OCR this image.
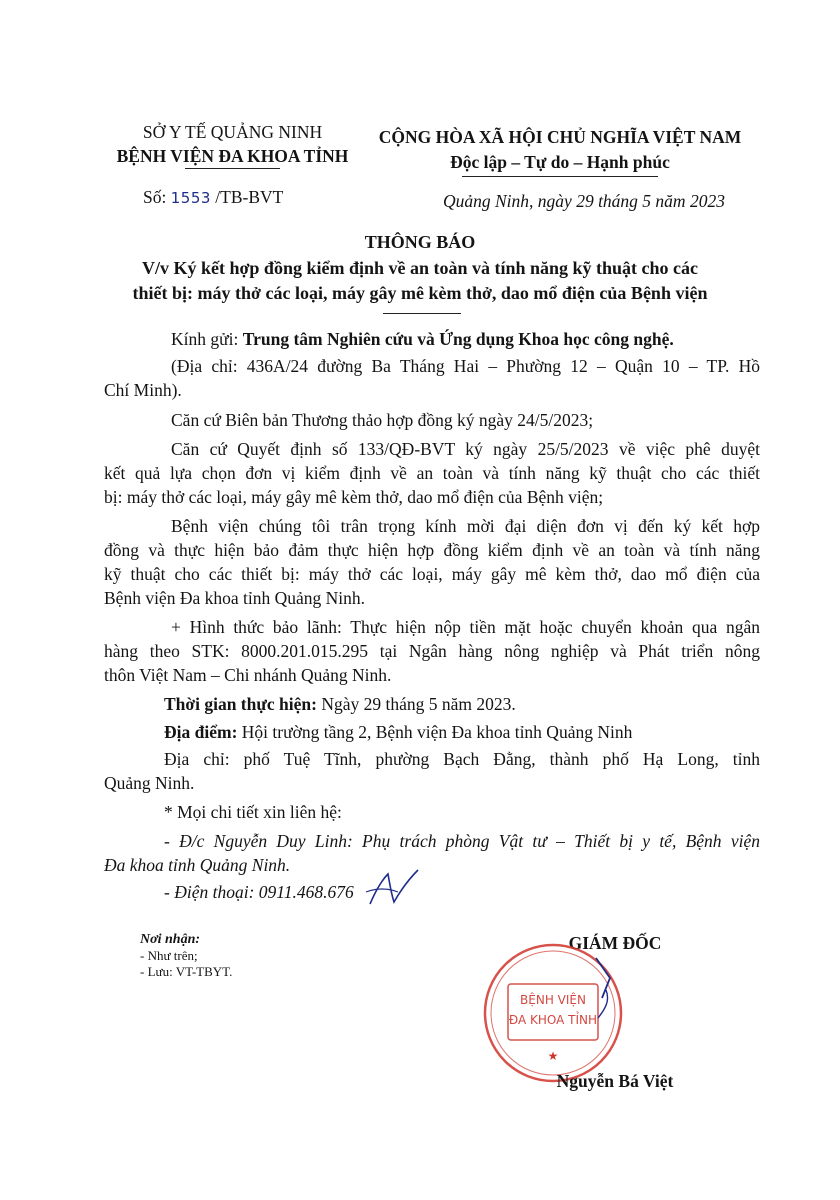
SỞ Y TẾ QUẢNG NINH
BỆNH VIỆN ĐA KHOA TỈNH
CỘNG HÒA XÃ HỘI CHỦ NGHĨA VIỆT NAM
Độc lập – Tự do – Hạnh phúc
Số: 1553 /TB-BVT	Quảng Ninh, ngày 29 tháng 5 năm 2023
THÔNG BÁO
V/v Ký kết hợp đồng kiểm định về an toàn và tính năng kỹ thuật cho các
thiết bị: máy thở các loại, máy gây mê kèm thở, dao mổ điện của Bệnh viện
Kính gửi: Trung tâm Nghiên cứu và Ứng dụng Khoa học công nghệ.
(Địa chỉ: 436A/24 đường Ba Tháng Hai – Phường 12 – Quận 10 – TP. Hồ
Chí Minh).
Căn cứ Biên bản Thương thảo hợp đồng ký ngày 24/5/2023;
Căn cứ Quyết định số 133/QĐ-BVT ký ngày 25/5/2023 về việc phê duyệt
kết quả lựa chọn đơn vị kiểm định về an toàn và tính năng kỹ thuật cho các thiết
bị: máy thở các loại, máy gây mê kèm thở, dao mổ điện của Bệnh viện;
Bệnh viện chúng tôi trân trọng kính mời đại diện đơn vị đến ký kết hợp
đồng và thực hiện bảo đảm thực hiện hợp đồng kiểm định về an toàn và tính năng
kỹ thuật cho các thiết bị: máy thở các loại, máy gây mê kèm thở, dao mổ điện của
Bệnh viện Đa khoa tỉnh Quảng Ninh.
+ Hình thức bảo lãnh: Thực hiện nộp tiền mặt hoặc chuyển khoản qua ngân
hàng theo STK: 8000.201.015.295 tại Ngân hàng nông nghiệp và Phát triển nông
thôn Việt Nam – Chi nhánh Quảng Ninh.
Thời gian thực hiện: Ngày 29 tháng 5 năm 2023.
Địa điểm: Hội trường tầng 2, Bệnh viện Đa khoa tỉnh Quảng Ninh
Địa chỉ: phố Tuệ Tĩnh, phường Bạch Đằng, thành phố Hạ Long, tỉnh
Quảng Ninh.
* Mọi chi tiết xin liên hệ:
- Đ/c Nguyễn Duy Linh: Phụ trách phòng Vật tư – Thiết bị y tế, Bệnh viện
Đa khoa tỉnh Quảng Ninh.
- Điện thoại: 0911.468.676
Nơi nhận:
- Như trên;
- Lưu: VT-TBYT.
GIÁM ĐỐC
★
BỆNH VIỆN
ĐA KHOA TỈNH
Nguyễn Bá Việt
